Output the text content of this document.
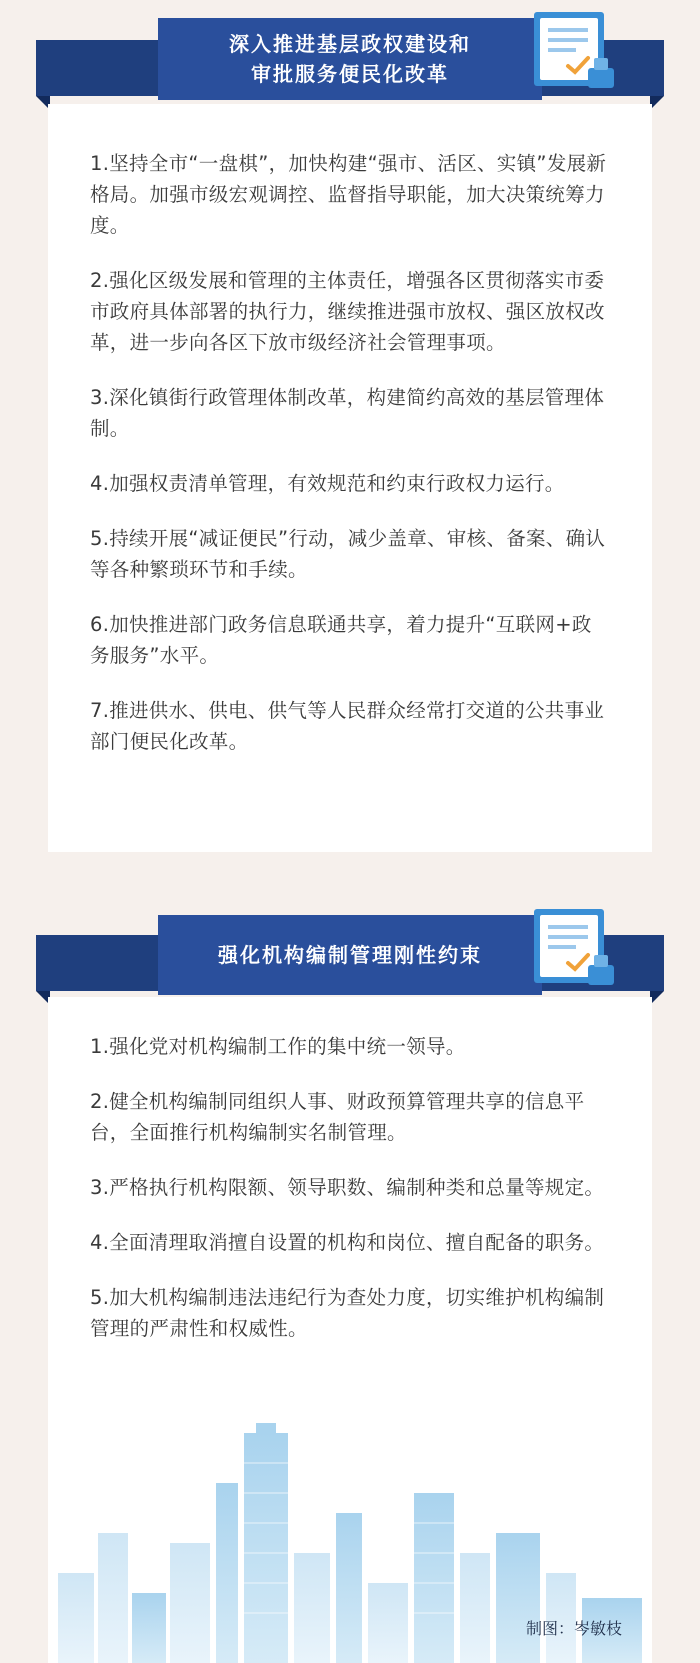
深入推进基层政权建设和
审批服务便民化改革

1.坚持全市“一盘棋”，加快构建“强市、活区、实镇”发展新格局。加强市级宏观调控、监督指导职能，加大决策统筹力度。

2.强化区级发展和管理的主体责任，增强各区贯彻落实市委市政府具体部署的执行力，继续推进强市放权、强区放权改革，进一步向各区下放市级经济社会管理事项。

3.深化镇街行政管理体制改革，构建简约高效的基层管理体制。

4.加强权责清单管理，有效规范和约束行政权力运行。

5.持续开展“减证便民”行动，减少盖章、审核、备案、确认等各种繁琐环节和手续。

6.加快推进部门政务信息联通共享，着力提升“互联网+政务服务”水平。

7.推进供水、供电、供气等人民群众经常打交道的公共事业部门便民化改革。

强化机构编制管理刚性约束

1.强化党对机构编制工作的集中统一领导。

2.健全机构编制同组织人事、财政预算管理共享的信息平台，全面推行机构编制实名制管理。

3.严格执行机构限额、领导职数、编制种类和总量等规定。

4.全面清理取消擅自设置的机构和岗位、擅自配备的职务。

5.加大机构编制违法违纪行为查处力度，切实维护机构编制管理的严肃性和权威性。

制图：岑敏枝
